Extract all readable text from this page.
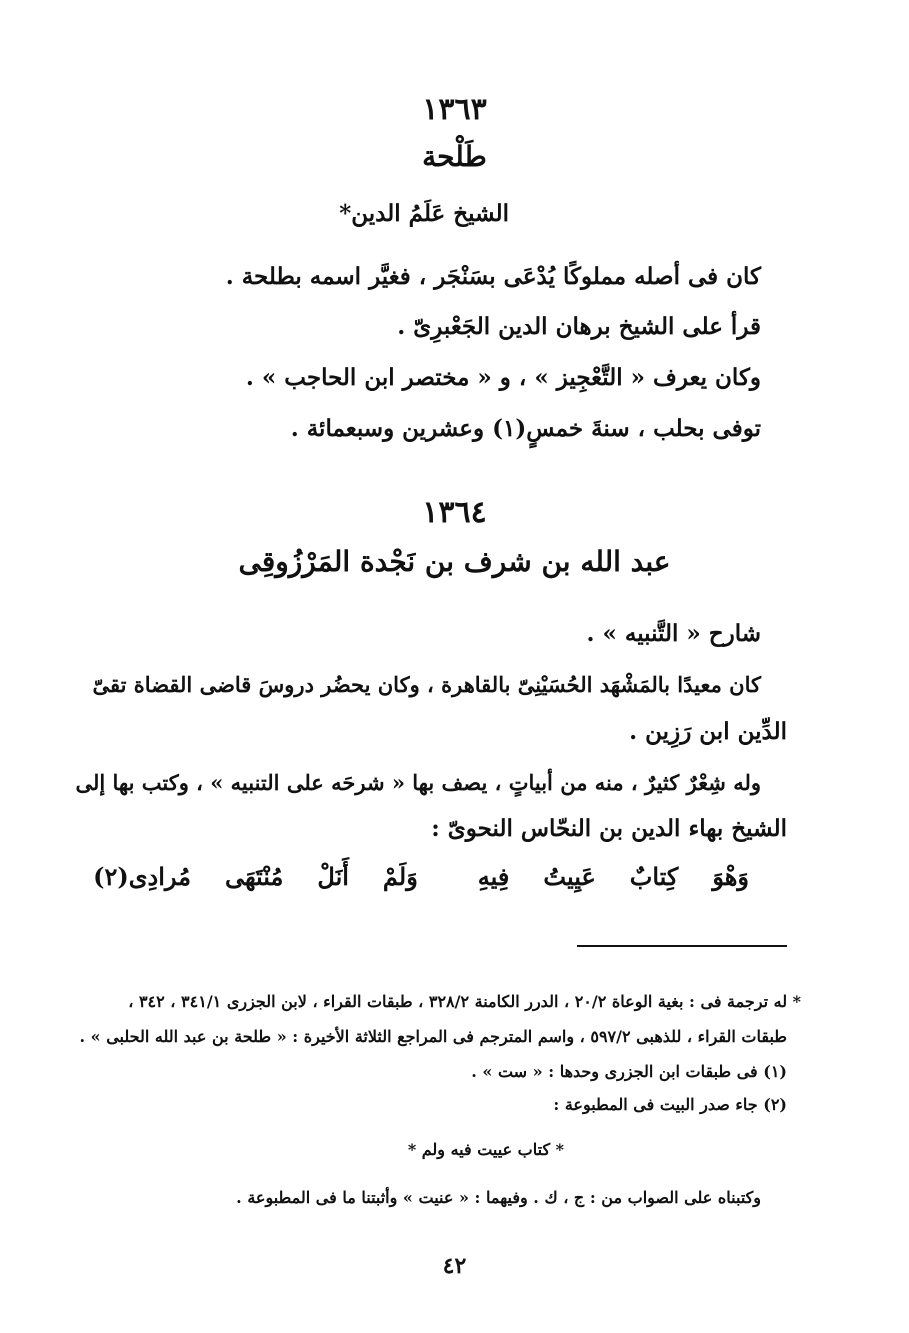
١٣٦٣
طَلْحة
الشيخ عَلَمُ الدين*
كان فى أصله مملوكًا يُدْعَى بسَنْجَر ، فغيَّر اسمه بطلحة .
قرأ على الشيخ برهان الدين الجَعْبرِىّ .
وكان يعرف « التَّعْجِيز » ، و « مختصر ابن الحاجب » .
توفى بحلب ، سنةَ خمسٍ(١) وعشرين وسبعمائة .
١٣٦٤
عبد الله بن شرف بن نَجْدة المَرْزُوقِى
شارح « التَّنبيه » .
كان معيدًا بالمَشْهَد الحُسَيْنِىّ بالقاهرة ، وكان يحضُر دروسَ قاضى القضاة تقىّ
الدِّين ابن رَزِين .
وله شِعْرٌ كثيرٌ ، منه من أبياتٍ ، يصف بها « شرحَه على التنبيه » ، وكتب بها إلى
الشيخ بهاء الدين بن النحّاس النحوىّ :
وَهْوَكِتابٌعَيِيتُفِيهِوَلَمْأَنَلْمُنْتَهَىمُرادِى(٢)
* له ترجمة فى : بغية الوعاة ٢٠/٢ ، الدرر الكامنة ٣٢٨/٢ ، طبقات القراء ، لابن الجزرى ٣٤١/١ ، ٣٤٢ ،
طبقات القراء ، للذهبى ٥٩٧/٢ ، واسم المترجم فى المراجع الثلاثة الأخيرة : « طلحة بن عبد الله الحلبى » .
(١) فى طبقات ابن الجزرى وحدها : « ست » .
(٢) جاء صدر البيت فى المطبوعة :
* كتاب عييت فيه ولم *
وكتبناه على الصواب من : ج ، ك . وفيهما : « عنيت » وأثبتنا ما فى المطبوعة .
٤٢
